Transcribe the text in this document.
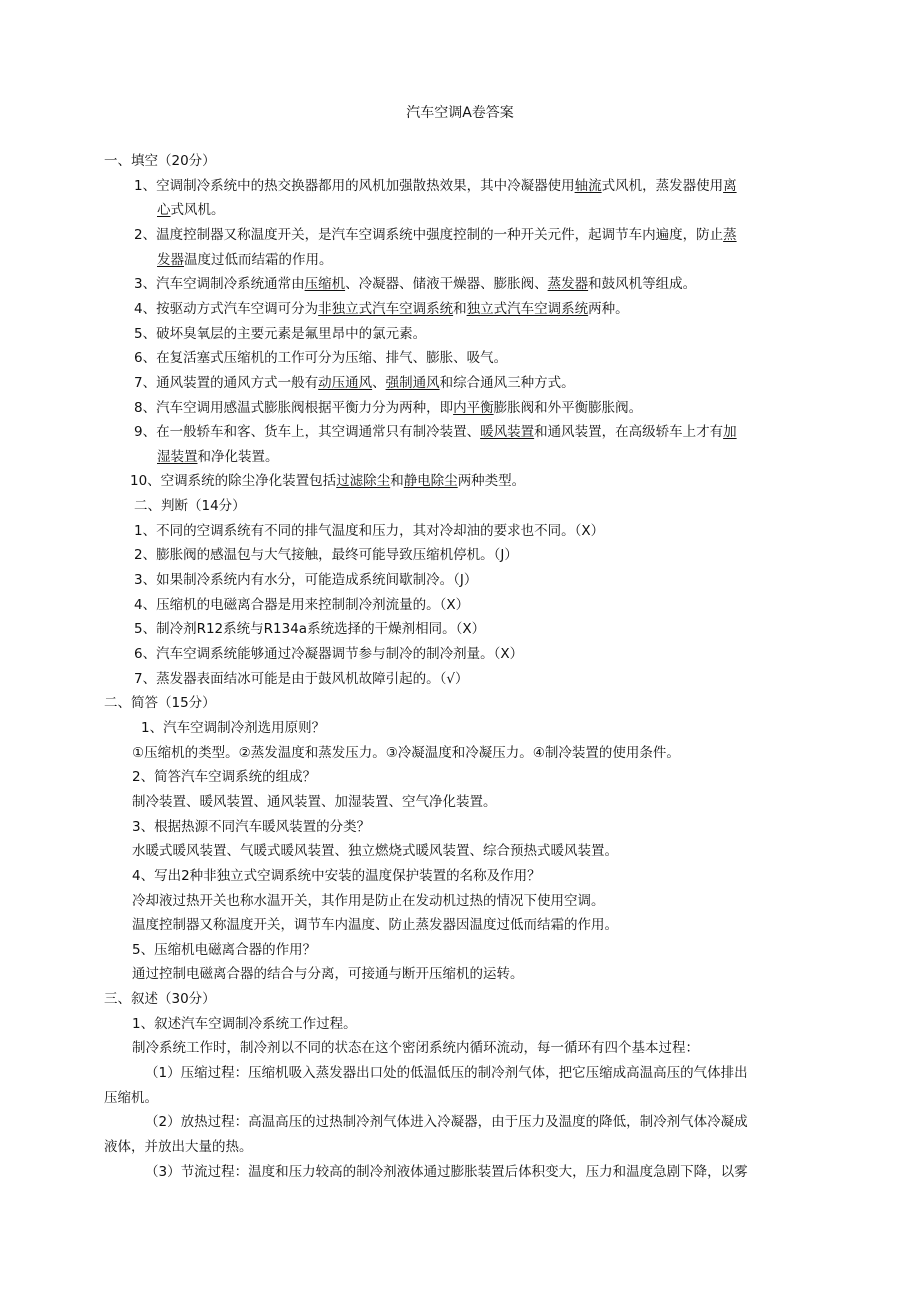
汽车空调A卷答案
一、填空（20分）
1、空调制冷系统中的热交换器都用的风机加强散热效果，其中冷凝器使用轴流式风机，蒸发器使用离
心式风机。
2、温度控制器又称温度开关，是汽车空调系统中强度控制的一种开关元件，起调节车内遍度，防止蒸
发器温度过低而结霜的作用。
3、汽车空调制冷系统通常由压缩机、冷凝器、储液干燥器、膨胀阀、蒸发器和鼓风机等组成。
4、按驱动方式汽车空调可分为非独立式汽车空调系统和独立式汽车空调系统两种。
5、破坏臭氧层的主要元素是氟里昂中的氯元素。
6、在复活塞式压缩机的工作可分为压缩、排气、膨胀、吸气。
7、通风装置的通风方式一般有动压通风、强制通风和综合通风三种方式。
8、汽车空调用感温式膨胀阀根据平衡力分为两种，即内平衡膨胀阀和外平衡膨胀阀。
9、在一般轿车和客、货车上，其空调通常只有制冷装置、暖风装置和通风装置，在高级轿车上才有加
湿装置和净化装置。
10、空调系统的除尘净化装置包括过滤除尘和静电除尘两种类型。
二、判断（14分）
1、不同的空调系统有不同的排气温度和压力，其对冷却油的要求也不同。（X）
2、膨胀阀的感温包与大气接触，最终可能导致压缩机停机。（J）
3、如果制冷系统内有水分，可能造成系统间歇制冷。（J）
4、压缩机的电磁离合器是用来控制制冷剂流量的。（X）
5、制冷剂R12系统与R134a系统选择的干燥剂相同。（X）
6、汽车空调系统能够通过冷凝器调节参与制冷的制冷剂量。（X）
7、蒸发器表面结冰可能是由于鼓风机故障引起的。（√）
二、简答（15分）
1、汽车空调制冷剂选用原则？
①压缩机的类型。②蒸发温度和蒸发压力。③冷凝温度和冷凝压力。④制冷装置的使用条件。
2、简答汽车空调系统的组成？
制冷装置、暖风装置、通风装置、加湿装置、空气净化装置。
3、根据热源不同汽车暖风装置的分类？
水暖式暖风装置、气暖式暖风装置、独立燃烧式暖风装置、综合预热式暖风装置。
4、写出2种非独立式空调系统中安装的温度保护装置的名称及作用？
冷却液过热开关也称水温开关，其作用是防止在发动机过热的情况下使用空调。
温度控制器又称温度开关，调节车内温度、防止蒸发器因温度过低而结霜的作用。
5、压缩机电磁离合器的作用？
通过控制电磁离合器的结合与分离，可接通与断开压缩机的运转。
三、叙述（30分）
1、叙述汽车空调制冷系统工作过程。
制冷系统工作时，制冷剂以不同的状态在这个密闭系统内循环流动，每一循环有四个基本过程：
（1）压缩过程：压缩机吸入蒸发器出口处的低温低压的制冷剂气体，把它压缩成高温高压的气体排出
压缩机。
（2）放热过程：高温高压的过热制冷剂气体进入冷凝器，由于压力及温度的降低，制冷剂气体冷凝成
液体，并放出大量的热。
（3）节流过程：温度和压力较高的制冷剂液体通过膨胀装置后体积变大，压力和温度急剧下降，以雾
